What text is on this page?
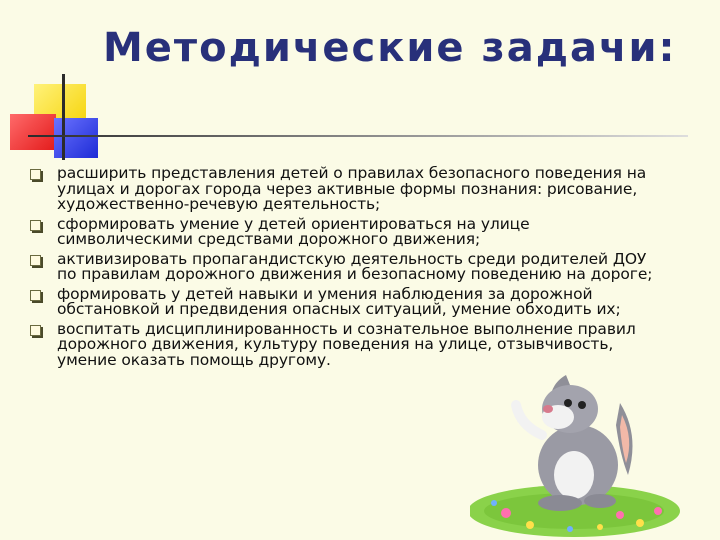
Методические задачи:
расширить представления детей о правилах безопасного поведения на улицах и дорогах города через активные формы познания: рисование, художественно-речевую деятельность;
сформировать умение у детей ориентироваться на улице символическими средствами дорожного движения;
активизировать пропагандистскую деятельность среди родителей ДОУ по правилам дорожного движения и безопасному поведению на дороге;
формировать у детей навыки и умения наблюдения за дорожной обстановкой и предвидения опасных ситуаций, умение обходить их;
воспитать дисциплинированность и сознательное выполнение правил дорожного движения, культуру поведения на улице, отзывчивость, умение оказать помощь другому.
